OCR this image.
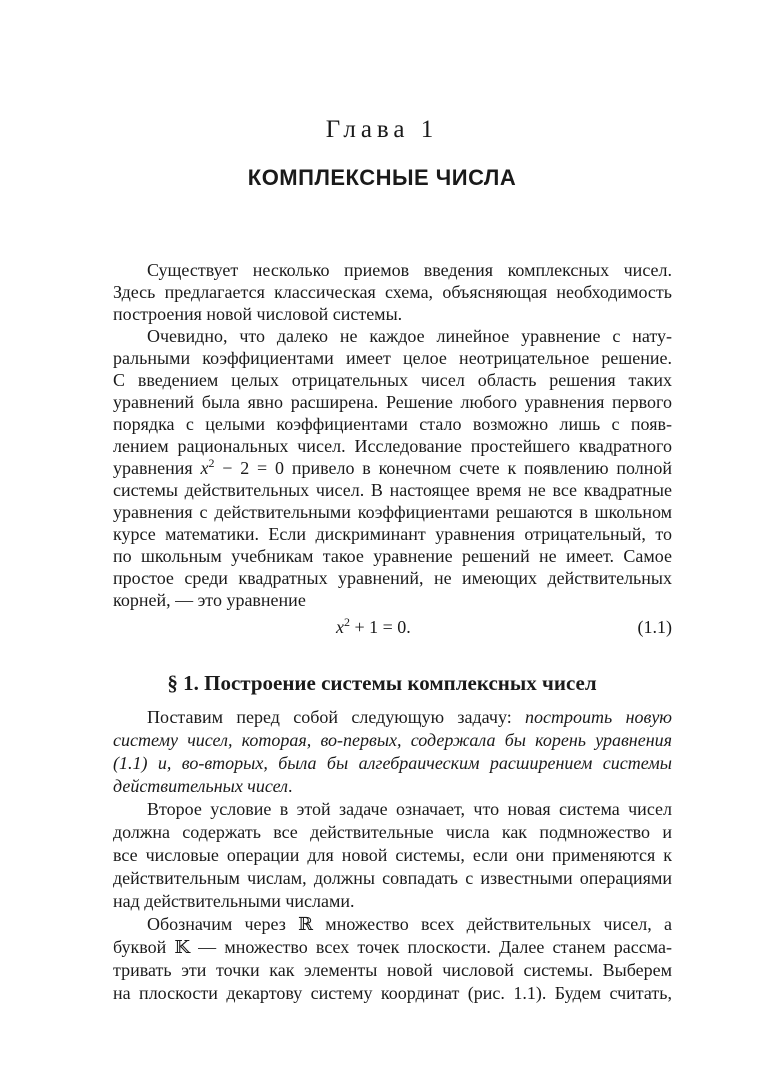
Глава 1
КОМПЛЕКСНЫЕ ЧИСЛА
Существует несколько приемов введения комплексных чисел.
Здесь предлагается классическая схема, объясняющая необходимость
построения новой числовой системы.
Очевидно, что далеко не каждое линейное уравнение с нату-
ральными коэффициентами имеет целое неотрицательное решение.
С введением целых отрицательных чисел область решения таких
уравнений была явно расширена. Решение любого уравнения первого
порядка с целыми коэффициентами стало возможно лишь с появ-
лением рациональных чисел. Исследование простейшего квадратного
уравнения $x^2 - 2 = 0$ привело в конечном счете к появлению полной
системы действительных чисел. В настоящее время не все квадратные
уравнения с действительными коэффициентами решаются в школьном
курсе математики. Если дискриминант уравнения отрицательный, то
по школьным учебникам такое уравнение решений не имеет. Самое
простое среди квадратных уравнений, не имеющих действительных
корней, — это уравнение
$x^2 + 1 = 0$.	(1.1)
§ 1. Построение системы комплексных чисел
Поставим перед собой следующую задачу: построить новую
систему чисел, которая, во-первых, содержала бы корень уравнения
(1.1) и, во-вторых, была бы алгебраическим расширением системы
действительных чисел.
Второе условие в этой задаче означает, что новая система чисел
должна содержать все действительные числа как подмножество и
все числовые операции для новой системы, если они применяются к
действительным числам, должны совпадать с известными операциями
над действительными числами.
Обозначим через ℝ множество всех действительных чисел, а
буквой 𝕂 — множество всех точек плоскости. Далее станем рассма-
тривать эти точки как элементы новой числовой системы. Выберем
на плоскости декартову систему координат (рис. 1.1). Будем считать,
